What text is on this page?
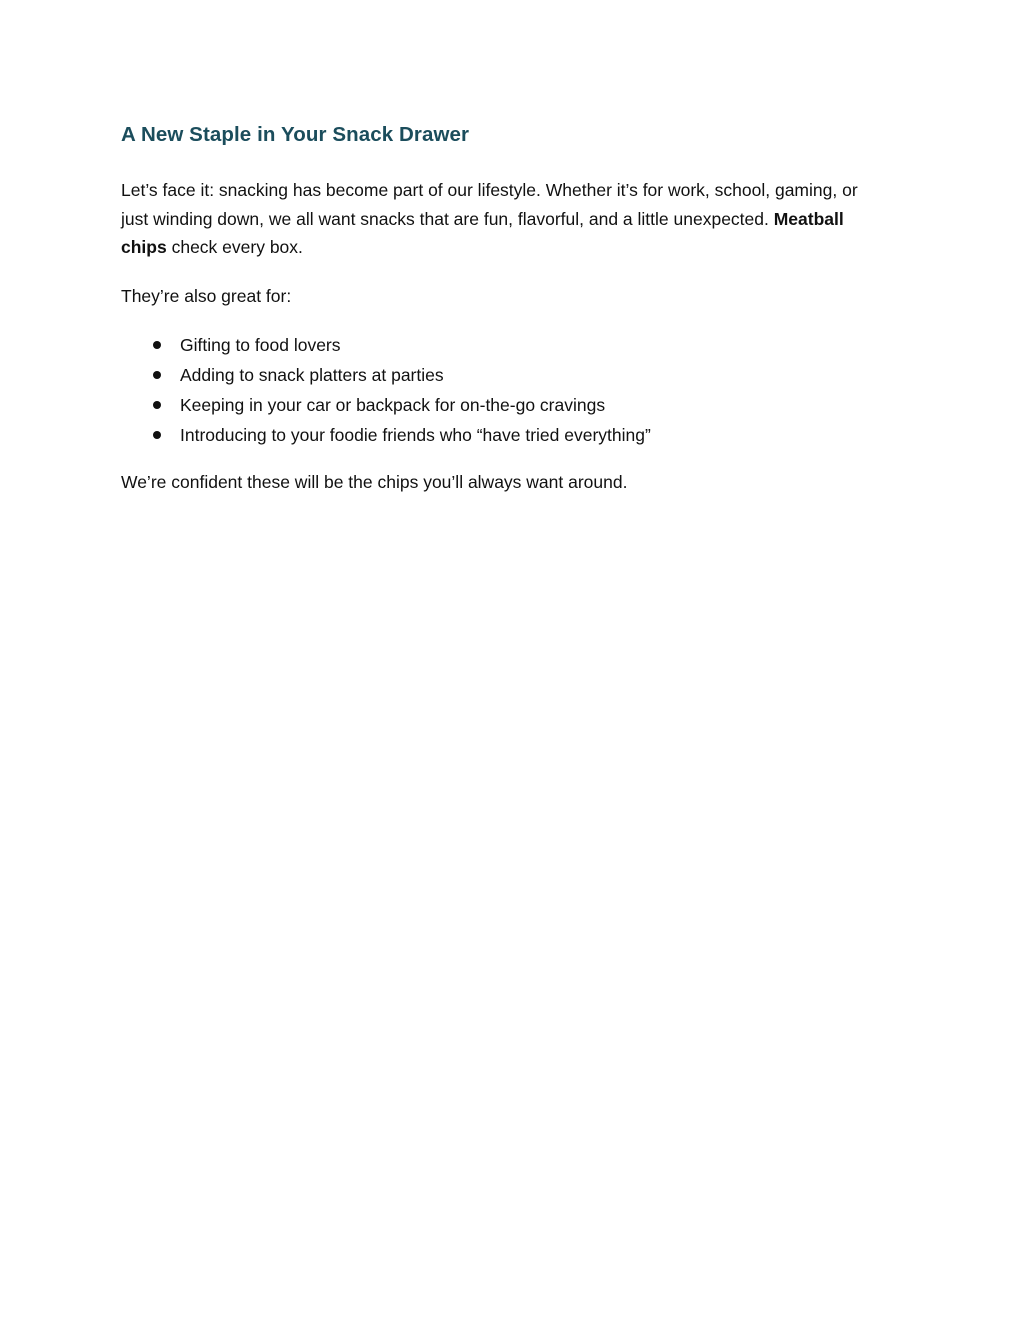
A New Staple in Your Snack Drawer

Let’s face it: snacking has become part of our lifestyle. Whether it’s for work, school, gaming, or just winding down, we all want snacks that are fun, flavorful, and a little unexpected. Meatball chips check every box.

They’re also great for:

Gifting to food lovers
Adding to snack platters at parties
Keeping in your car or backpack for on-the-go cravings
Introducing to your foodie friends who “have tried everything”

We’re confident these will be the chips you’ll always want around.
